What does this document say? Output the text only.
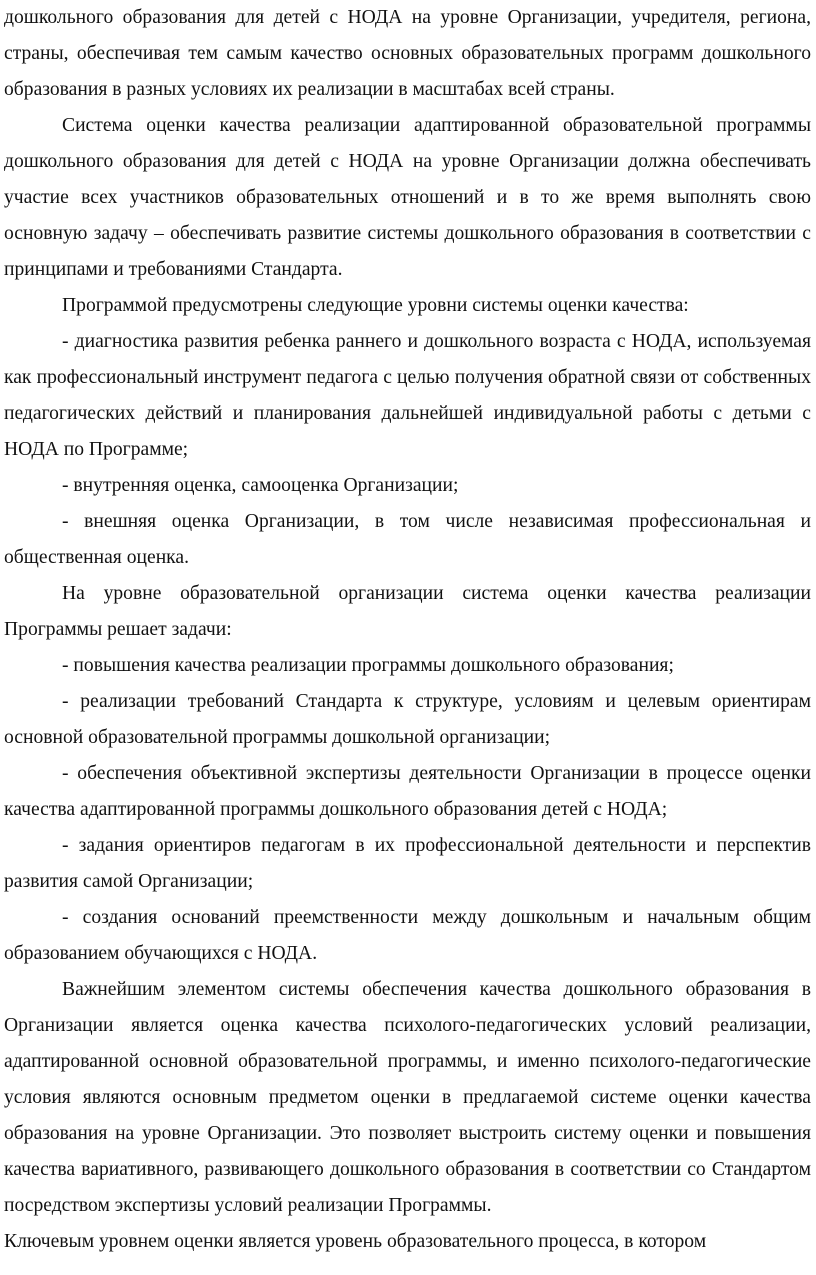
дошкольного образования для детей с НОДА на уровне Организации, учредителя, региона, страны, обеспечивая тем самым качество основных образовательных программ дошкольного образования в разных условиях их реализации в масштабах всей страны.

Система оценки качества реализации адаптированной образовательной программы дошкольного образования для детей с НОДА на уровне Организации должна обеспечивать участие всех участников образовательных отношений и в то же время выполнять свою основную задачу – обеспечивать развитие системы дошкольного образования в соответствии с принципами и требованиями Стандарта.

Программой предусмотрены следующие уровни системы оценки качества:

- диагностика развития ребенка раннего и дошкольного возраста с НОДА, используемая как профессиональный инструмент педагога с целью получения обратной связи от собственных педагогических действий и планирования дальнейшей индивидуальной работы с детьми с НОДА по Программе;

- внутренняя оценка, самооценка Организации;

- внешняя оценка Организации, в том числе независимая профессиональная и общественная оценка.

На уровне образовательной организации система оценки качества реализации Программы решает задачи:

- повышения качества реализации программы дошкольного образования;

- реализации требований Стандарта к структуре, условиям и целевым ориентирам основной образовательной программы дошкольной организации;

- обеспечения объективной экспертизы деятельности Организации в процессе оценки качества адаптированной программы дошкольного образования детей с НОДА;

- задания ориентиров педагогам в их профессиональной деятельности и перспектив развития самой Организации;

- создания оснований преемственности между дошкольным и начальным общим образованием обучающихся с НОДА.

Важнейшим элементом системы обеспечения качества дошкольного образования в Организации является оценка качества психолого-педагогических условий реализации, адаптированной основной образовательной программы, и именно психолого-педагогические условия являются основным предметом оценки в предлагаемой системе оценки качества образования на уровне Организации. Это позволяет выстроить систему оценки и повышения качества вариативного, развивающего дошкольного образования в соответствии со Стандартом посредством экспертизы условий реализации Программы.

Ключевым уровнем оценки является уровень образовательного процесса, в котором
